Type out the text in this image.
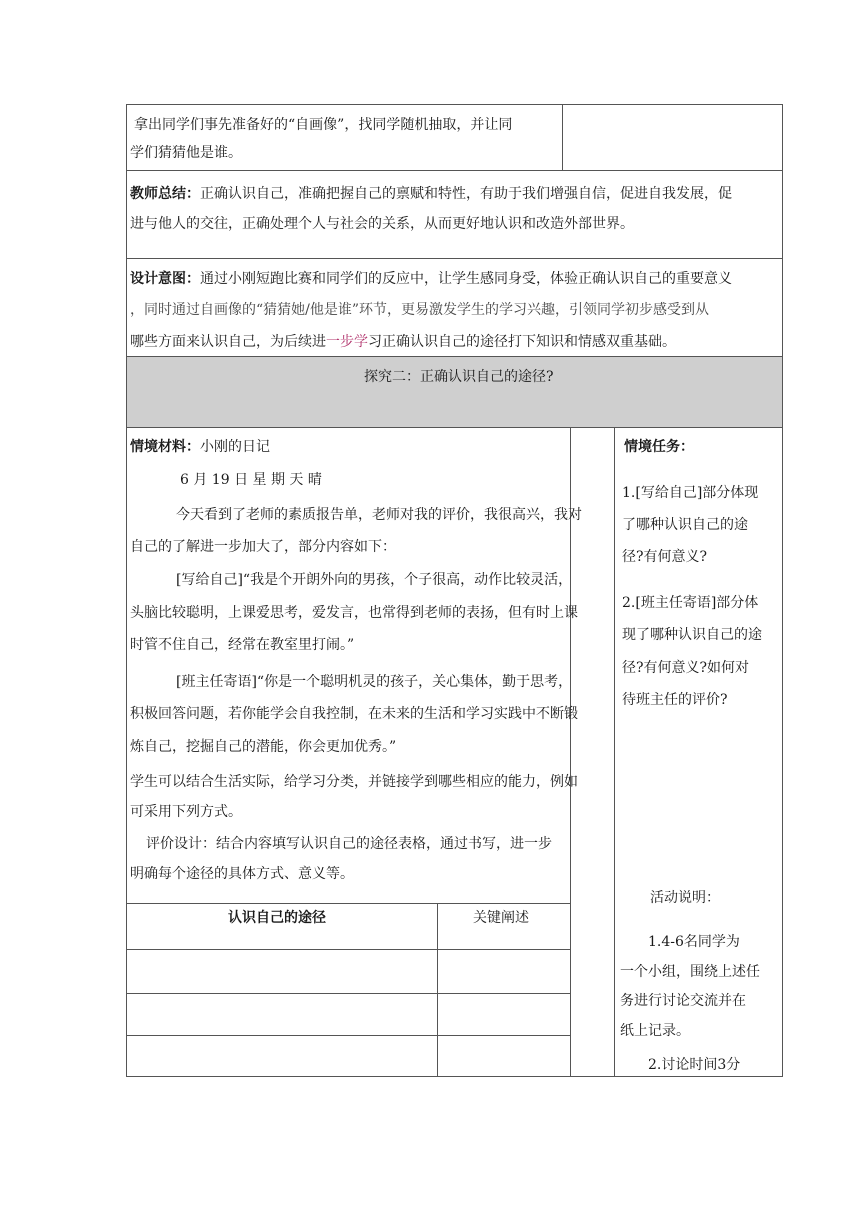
拿出同学们事先准备好的“自画像”，找同学随机抽取，并让同
学们猜猜他是谁。
教师总结：正确认识自己，准确把握自己的禀赋和特性，有助于我们增强自信，促进自我发展，促
进与他人的交往，正确处理个人与社会的关系，从而更好地认识和改造外部世界。
设计意图：通过小刚短跑比赛和同学们的反应中，让学生感同身受，体验正确认识自己的重要意义
，同时通过自画像的“猜猜她/他是谁”环节，更易激发学生的学习兴趣，引领同学初步感受到从
哪些方面来认识自己，为后续进一步学习正确认识自己的途径打下知识和情感双重基础。
探究二：正确认识自己的途径?
情境材料：小刚的日记
6 月 19 日 星 期 天 晴
今天看到了老师的素质报告单，老师对我的评价，我很高兴，我对
自己的了解进一步加大了，部分内容如下：
[写给自己]“我是个开朗外向的男孩，个子很高，动作比较灵活，
头脑比较聪明，上课爱思考，爱发言，也常得到老师的表扬，但有时上课
时管不住自己，经常在教室里打闹。”
[班主任寄语]“你是一个聪明机灵的孩子，关心集体，勤于思考，
积极回答问题，若你能学会自我控制，在未来的生活和学习实践中不断锻
炼自己，挖掘自己的潜能，你会更加优秀。”
学生可以结合生活实际，给学习分类，并链接学到哪些相应的能力，例如
可采用下列方式。
评价设计：结合内容填写认识自己的途径表格，通过书写，进一步
明确每个途径的具体方式、意义等。
认识自己的途径	关键阐述
情境任务：
1.[写给自己]部分体现
了哪种认识自己的途
径?有何意义?
2.[班主任寄语]部分体
现了哪种认识自己的途
径?有何意义?如何对
待班主任的评价?
活动说明：
1.4-6名同学为
一个小组，围绕上述任
务进行讨论交流并在
纸上记录。
2.讨论时间3分
